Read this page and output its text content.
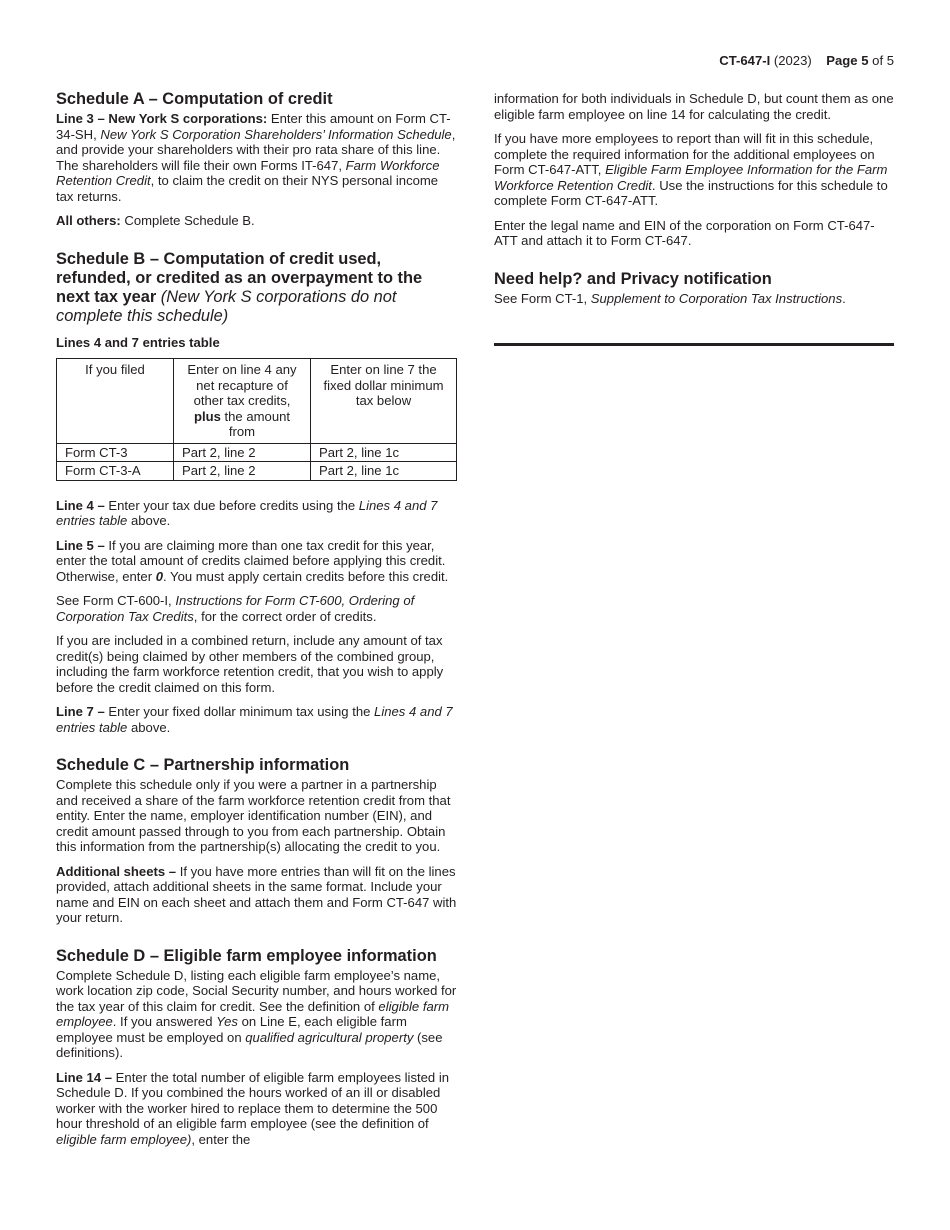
CT-647-I (2023) Page 5 of 5
Schedule A – Computation of credit

Line 3 – New York S corporations: Enter this amount on Form CT-34-SH, New York S Corporation Shareholders’ Information Schedule, and provide your shareholders with their pro rata share of this line. The shareholders will file their own Forms IT-647, Farm Workforce Retention Credit, to claim the credit on their NYS personal income tax returns.

All others: Complete Schedule B.

Schedule B – Computation of credit used, refunded, or credited as an overpayment to the next tax year (New York S corporations do not complete this schedule)
Lines 4 and 7 entries table
If you filed	Enter on line 4 any net recapture of other tax credits, plus the amount from	Enter on line 7 the fixed dollar minimum tax below
Form CT-3	Part 2, line 2	Part 2, line 1c
Form CT-3-A	Part 2, line 2	Part 2, line 1c

Line 4 – Enter your tax due before credits using the Lines 4 and 7 entries table above.

Line 5 – If you are claiming more than one tax credit for this year, enter the total amount of credits claimed before applying this credit. Otherwise, enter 0. You must apply certain credits before this credit.

See Form CT-600-I, Instructions for Form CT-600, Ordering of Corporation Tax Credits, for the correct order of credits.

If you are included in a combined return, include any amount of tax credit(s) being claimed by other members of the combined group, including the farm workforce retention credit, that you wish to apply before the credit claimed on this form.

Line 7 – Enter your fixed dollar minimum tax using the Lines 4 and 7 entries table above.

Schedule C – Partnership information

Complete this schedule only if you were a partner in a partnership and received a share of the farm workforce retention credit from that entity. Enter the name, employer identification number (EIN), and credit amount passed through to you from each partnership. Obtain this information from the partnership(s) allocating the credit to you.

Additional sheets – If you have more entries than will fit on the lines provided, attach additional sheets in the same format. Include your name and EIN on each sheet and attach them and Form CT-647 with your return.

Schedule D – Eligible farm employee information

Complete Schedule D, listing each eligible farm employee’s name, work location zip code, Social Security number, and hours worked for the tax year of this claim for credit. See the definition of eligible farm employee. If you answered Yes on Line E, each eligible farm employee must be employed on qualified agricultural property (see definitions).

Line 14 – Enter the total number of eligible farm employees listed in Schedule D. If you combined the hours worked of an ill or disabled worker with the worker hired to replace them to determine the 500 hour threshold of an eligible farm employee (see the definition of eligible farm employee), enter the

information for both individuals in Schedule D, but count them as one eligible farm employee on line 14 for calculating the credit.

If you have more employees to report than will fit in this schedule, complete the required information for the additional employees on Form CT-647-ATT, Eligible Farm Employee Information for the Farm Workforce Retention Credit. Use the instructions for this schedule to complete Form CT-647-ATT.

Enter the legal name and EIN of the corporation on Form CT-647-ATT and attach it to Form CT-647.

Need help? and Privacy notification

See Form CT-1, Supplement to Corporation Tax Instructions.
